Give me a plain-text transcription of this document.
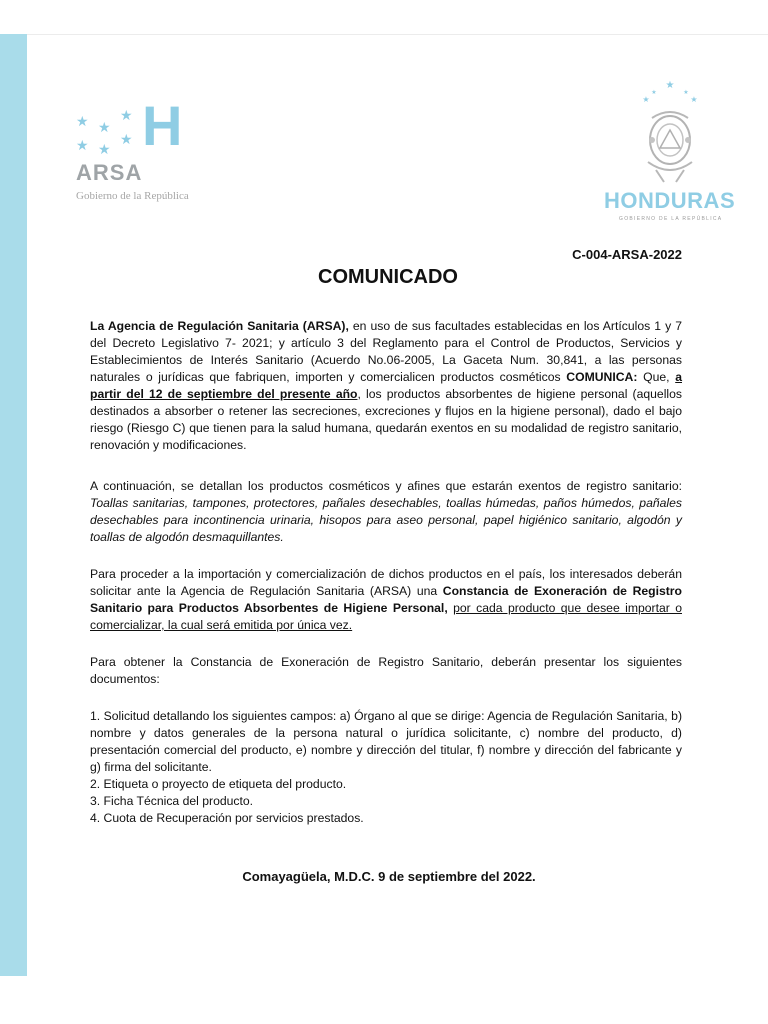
★ ★
★
★ ★
★ H
ARSA
Gobierno de la República
★
★	★
★	★
HONDURAS
GOBIERNO DE LA REPÚBLICA
C-004-ARSA-2022
COMUNICADO

La Agencia de Regulación Sanitaria (ARSA), en uso de sus facultades establecidas en los Artículos 1 y 7 del Decreto Legislativo 7- 2021; y artículo 3 del Reglamento para el Control de Productos, Servicios y Establecimientos de Interés Sanitario (Acuerdo No.06-2005, La Gaceta Num. 30,841, a las personas naturales o jurídicas que fabriquen, importen y comercialicen productos cosméticos COMUNICA: Que, a partir del 12 de septiembre del presente año, los productos absorbentes de higiene personal (aquellos destinados a absorber o retener las secreciones, excreciones y flujos en la higiene personal), dado el bajo riesgo (Riesgo C) que tienen para la salud humana, quedarán exentos en su modalidad de registro sanitario, renovación y modificaciones.

A continuación, se detallan los productos cosméticos y afines que estarán exentos de registro sanitario: Toallas sanitarias, tampones, protectores, pañales desechables, toallas húmedas, paños húmedos, pañales desechables para incontinencia urinaria, hisopos para aseo personal, papel higiénico sanitario, algodón y toallas de algodón desmaquillantes.

Para proceder a la importación y comercialización de dichos productos en el país, los interesados deberán solicitar ante la Agencia de Regulación Sanitaria (ARSA) una Constancia de Exoneración de Registro Sanitario para Productos Absorbentes de Higiene Personal, por cada producto que desee importar o comercializar, la cual será emitida por única vez.

Para obtener la Constancia de Exoneración de Registro Sanitario, deberán presentar los siguientes documentos:

1. Solicitud detallando los siguientes campos: a) Órgano al que se dirige: Agencia de Regulación Sanitaria, b) nombre y datos generales de la persona natural o jurídica solicitante, c) nombre del producto, d) presentación comercial del producto, e) nombre y dirección del titular, f) nombre y dirección del fabricante y g) firma del solicitante.
2. Etiqueta o proyecto de etiqueta del producto.
3. Ficha Técnica del producto.
4. Cuota de Recuperación por servicios prestados.
Comayagüela, M.D.C. 9 de septiembre del 2022.
